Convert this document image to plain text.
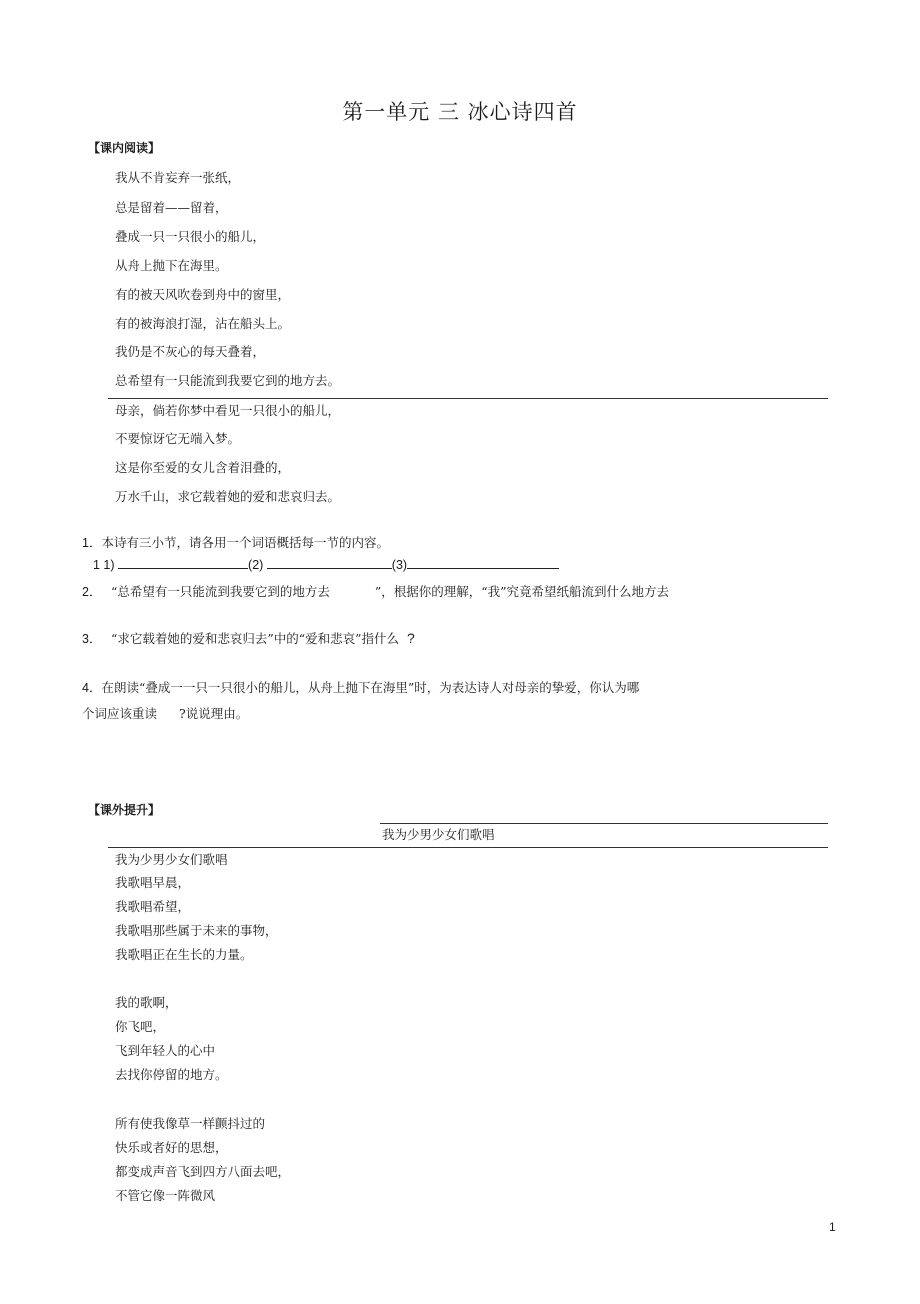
第一单元 三 冰心诗四首
【课内阅读】
我从不肯妄弃一张纸，
总是留着——留着，
叠成一只一只很小的船儿，
从舟上抛下在海里。
有的被天风吹卷到舟中的窗里，
有的被海浪打湿，沾在船头上。
我仍是不灰心的每天叠着，
总希望有一只能流到我要它到的地方去。
母亲，倘若你梦中看见一只很小的船儿，
不要惊讶它无端入梦。
这是你至爱的女儿含着泪叠的，
万水千山，求它载着她的爱和悲哀归去。
1．本诗有三小节，请各用一个词语概括每一节的内容。
1 1)	(2)	(3)
2． “总希望有一只能流到我要它到的地方去	”，根据你的理解，“我”究竟希望纸船流到什么地方去
3． “求它载着她的爱和悲哀归去”中的“爱和悲哀”指什么 ?
4．在朗读“叠成一一只一只很小的船儿，从舟上抛下在海里”时，为表达诗人对母亲的挚爱，你认为哪
个词应该重读 ?说说理由。
【课外提升】
我为少男少女们歌唱
我为少男少女们歌唱
我歌唱早晨，
我歌唱希望，
我歌唱那些属于未来的事物，
我歌唱正在生长的力量。
我的歌啊，
你飞吧，
飞到年轻人的心中
去找你停留的地方。
所有使我像草一样颤抖过的
快乐或者好的思想，
都变成声音飞到四方八面去吧，
不管它像一阵微风
1
